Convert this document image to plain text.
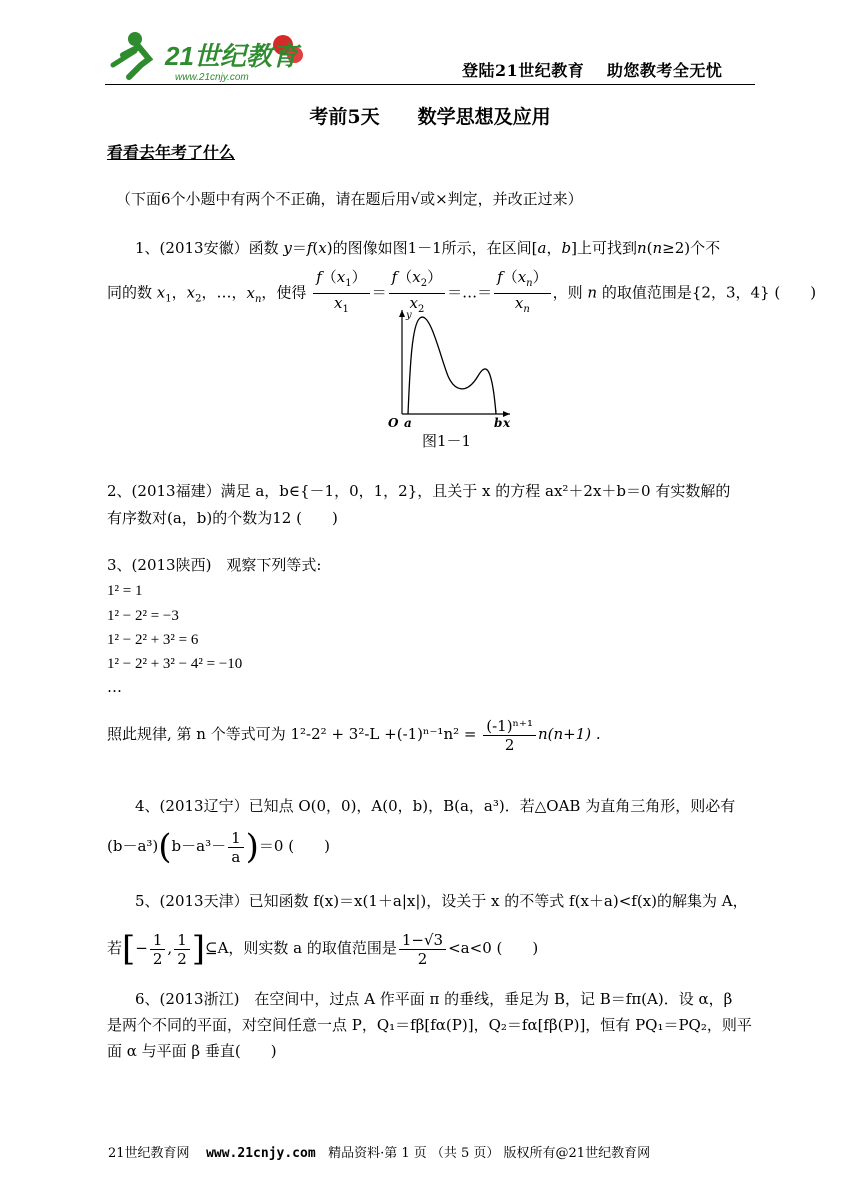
21世纪教育
www.21cnjy.com	登陆21世纪教育　 助您教考全无忧
考前5天　　数学思想及应用
看看去年考了什么
（下面6个小题中有两个不正确，请在题后用√或×判定，并改正过来）
1、(2013安徽）函数 y＝f(x)的图像如图1－1所示，在区间[a，b]上可找到n(n≥2)个不
同的数 $x_1$，$x_2$，…，$x_n$，使得 $\frac{f(x_1)}{x_1} = \frac{f(x_2)}{x_2}$ ＝…＝ $\frac{f(x_n)}{x_n}$ ，则 n 的取值范围是{2，3，4} (　　)
O a	b x
y
图1－1
2、(2013福建）满足 a，b∈{－1，0，1，2}，且关于 x 的方程 ax²＋2x＋b＝0 有实数解的
有序数对(a，b)的个数为12 (　　)
3、(2013陕西)　观察下列等式:
1² = 1
1² − 2² = −3
1² − 2² + 3² = 6
1² − 2² + 3² − 4² = −10
…
照此规律, 第 n 个等式可为 $1^2-2^2 + 3^2-L +(-1)^{n-1}n^2 = \frac{\text{(-1)ⁿ⁺¹}}{2} n(n+1)$ .
4、(2013辽宁）已知点 O(0，0)，A(0，b)，B(a，a³)．若△OAB 为直角三角形，则必有
$(b-a^3)(b-a^3- \frac{1}{a} )=0$ (　　)
5、(2013天津）已知函数 f(x)＝x(1＋a|x|)，设关于 x 的不等式 f(x＋a)<f(x)的解集为 A，
若[− $\frac{1}{2}$ , $\frac{1}{2}$ ]⊆A，则实数 a 的取值范围是 $\frac{1-√3}{2} <a<0$ (　　)
6、(2013浙江)　在空间中，过点 A 作平面 π 的垂线，垂足为 B，记 B＝fπ(A)．设 α，β
是两个不同的平面，对空间任意一点 P，Q₁＝fβ[fα(P)]，Q₂＝fα[fβ(P)]，恒有 PQ₁＝PQ₂，则平
面 α 与平面 β 垂直(　　)
21世纪教育网 www.21cnjy.com 精品资料·第 1 页 （共 5 页） 版权所有@21世纪教育网
